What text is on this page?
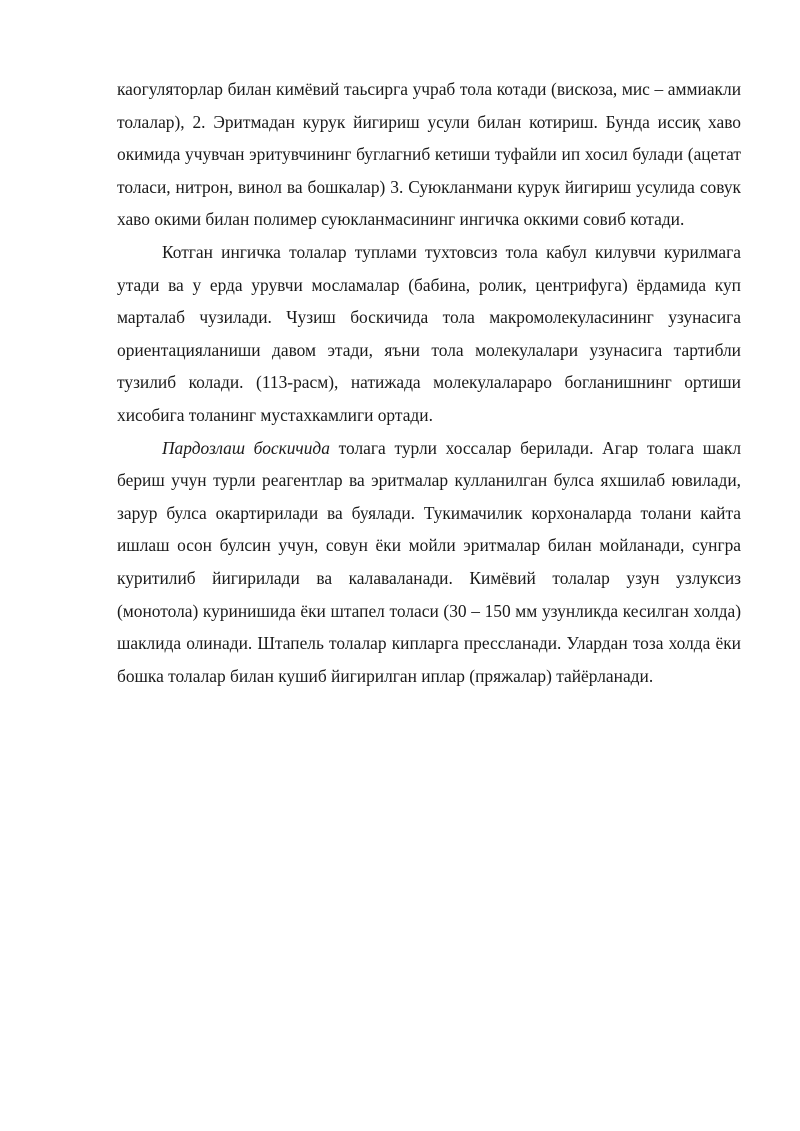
каогуляторлар билан кимёвий таьсирга учраб тола котади (вискоза, мис – аммиакли толалар), 2. Эритмадан курук йигириш усули билан котириш. Бунда иссиқ хаво окимида учувчан эритувчининг буглагниб кетиши туфайли ип хосил булади (ацетат толаси, нитрон, винол ва бошкалар) 3. Суюкланмани курук йигириш усулида совук хаво окими билан полимер суюкланмасининг ингичка оккими совиб котади.

Котган ингичка толалар туплами тухтовсиз тола кабул килувчи курилмага утади ва у ерда урувчи мосламалар (бабина, ролик, центрифуга) ёрдамида куп марталаб чузилади. Чузиш боскичида тола макромолекуласининг узунасига ориентацияланиши давом этади, яъни тола молекулалари узунасига тартибли тузилиб колади. (113-расм), натижада молекулалараро богланишнинг ортиши хисобига толанинг мустахкамлиги ортади.

Пардозлаш боскичида толага турли хоссалар берилади. Агар толага шакл бериш учун турли реагентлар ва эритмалар кулланилган булса яхшилаб ювилади, зарур булса окартирилади ва буялади. Тукимачилик корхоналарда толани кайта ишлаш осон булсин учун, совун ёки мойли эритмалар билан мойланади, сунгра куритилиб йигирилади ва калаваланади. Кимёвий толалар узун узлуксиз (монотола) куринишида ёки штапел толаси (30 – 150 мм узунликда кесилган холда) шаклида олинади. Штапель толалар кипларга прессланади. Улардан тоза холда ёки бошка толалар билан кушиб йигирилган иплар (пряжалар) тайёрланади.
